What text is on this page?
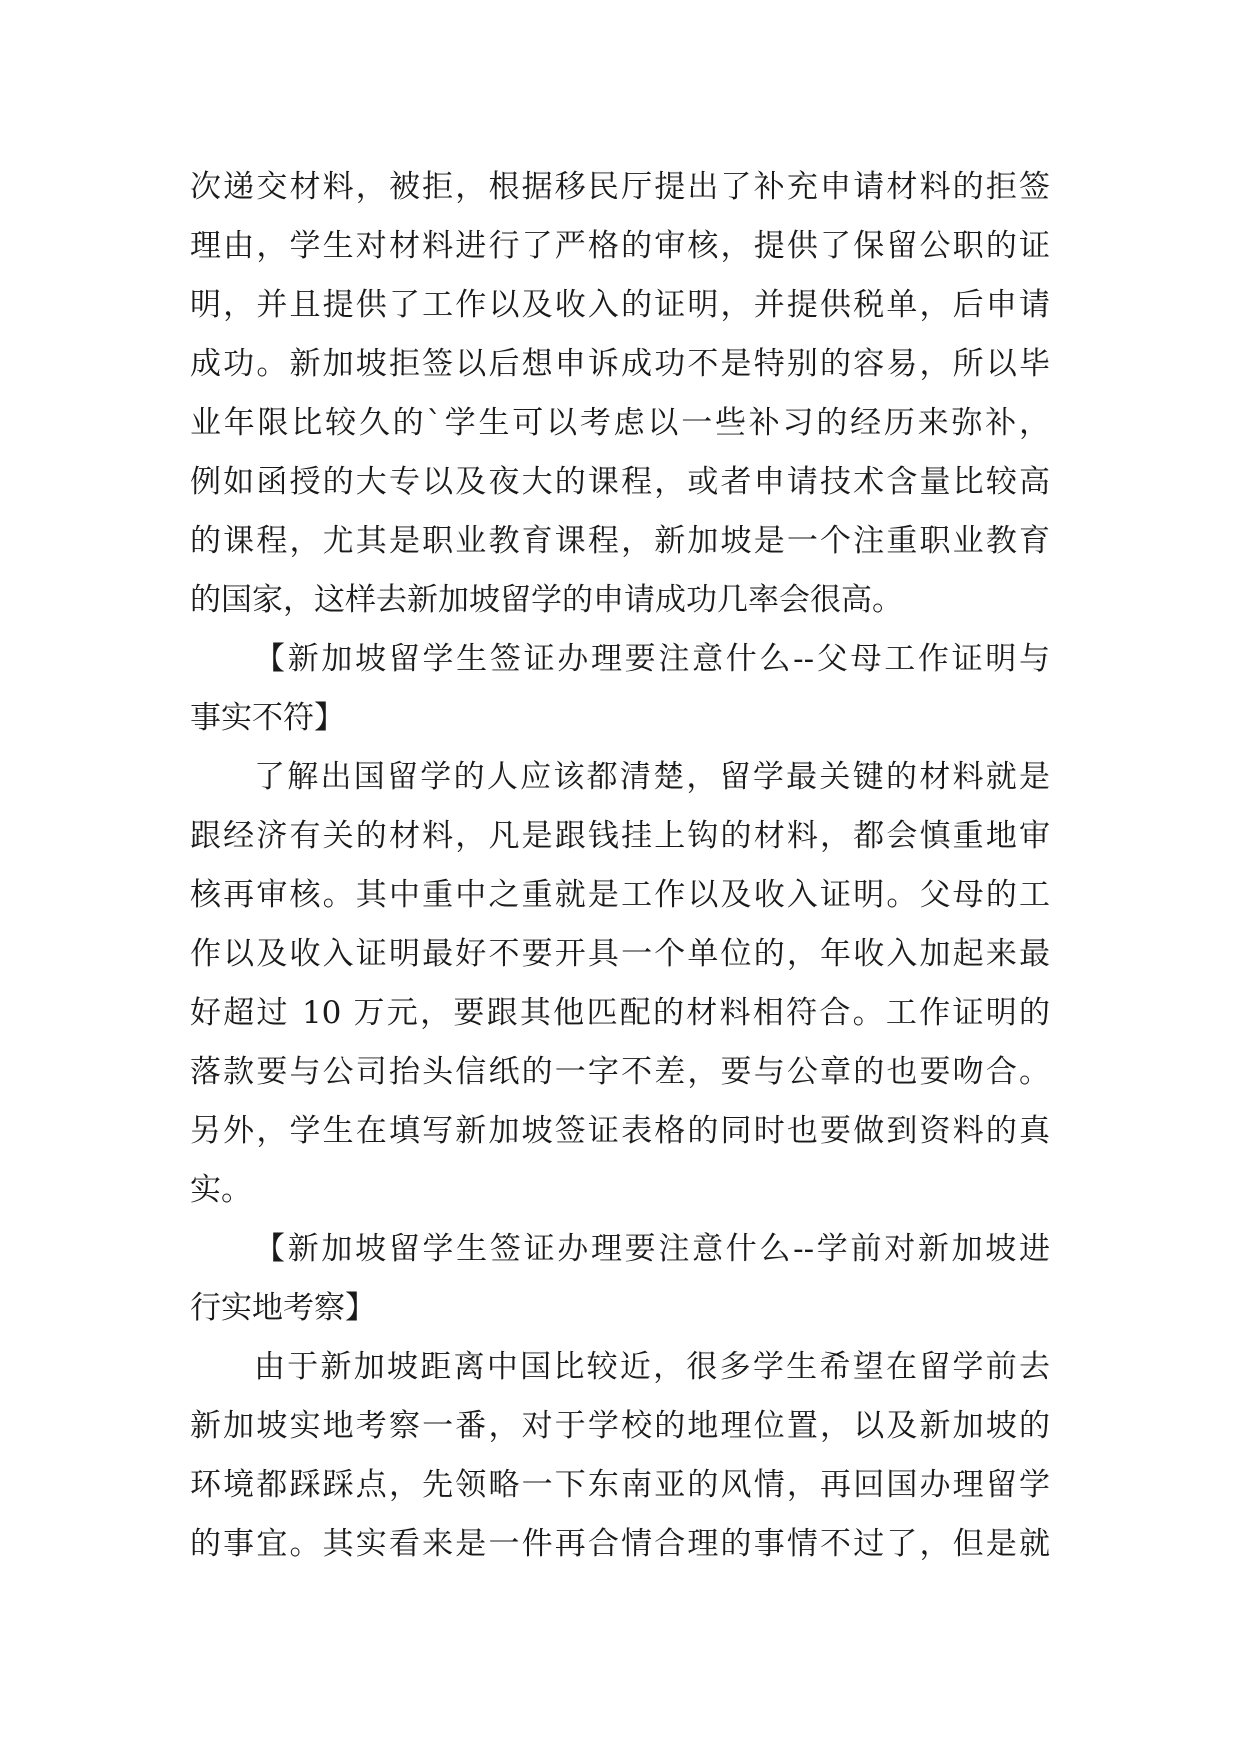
次递交材料，被拒，根据移民厅提出了补充申请材料的拒签
理由，学生对材料进行了严格的审核，提供了保留公职的证
明，并且提供了工作以及收入的证明，并提供税单，后申请
成功。新加坡拒签以后想申诉成功不是特别的容易，所以毕
业年限比较久的`学生可以考虑以一些补习的经历来弥补，
例如函授的大专以及夜大的课程，或者申请技术含量比较高
的课程，尤其是职业教育课程，新加坡是一个注重职业教育
的国家，这样去新加坡留学的申请成功几率会很高。
【新加坡留学生签证办理要注意什么--父母工作证明与
事实不符】
了解出国留学的人应该都清楚，留学最关键的材料就是
跟经济有关的材料，凡是跟钱挂上钩的材料，都会慎重地审
核再审核。其中重中之重就是工作以及收入证明。父母的工
作以及收入证明最好不要开具一个单位的，年收入加起来最
好超过 10 万元，要跟其他匹配的材料相符合。工作证明的
落款要与公司抬头信纸的一字不差，要与公章的也要吻合。
另外，学生在填写新加坡签证表格的同时也要做到资料的真
实。
【新加坡留学生签证办理要注意什么--学前对新加坡进
行实地考察】
由于新加坡距离中国比较近，很多学生希望在留学前去
新加坡实地考察一番，对于学校的地理位置，以及新加坡的
环境都踩踩点，先领略一下东南亚的风情，再回国办理留学
的事宜。其实看来是一件再合情合理的事情不过了，但是就
